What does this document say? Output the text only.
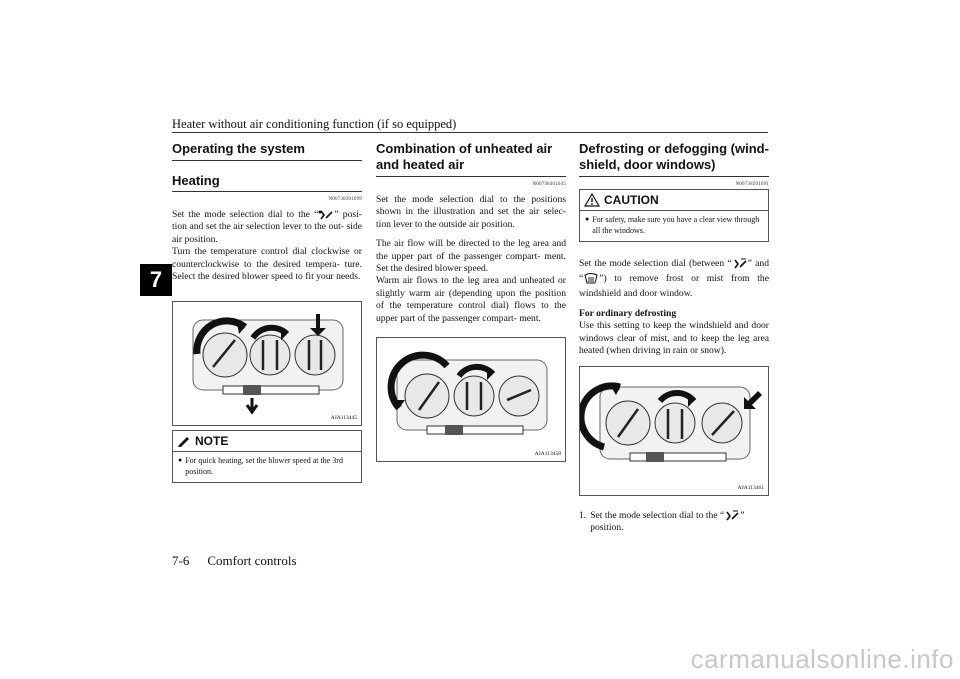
Heater without air conditioning function (if so equipped)
7
Operating the system
Heating
N00738301099

Set the mode selection dial to the “ ” posi- tion and set the air selection lever to the out- side air position.

Turn the temperature control dial clockwise or counterclockwise to the desired tempera- ture. Select the desired blower speed to fit your needs.

AJA113445
NOTE
● For quick heating, set the blower speed at the 3rd position.
Combination of unheated air and heated air
N00738401045

Set the mode selection dial to the positions shown in the illustration and set the air selec- tion lever to the outside air position.

The air flow will be directed to the leg area and the upper part of the passenger compart- ment. Set the desired blower speed.

Warm air flows to the leg area and unheated or slightly warm air (depending upon the position of the temperature control dial) flows to the upper part of the passenger compart- ment.

AJA113458
Defrosting or defogging (wind- shield, door windows)
N00738501091
CAUTION
● For safety, make sure you have a clear view through all the windows.

Set the mode selection dial (between “ ” and “ ”) to remove frost or mist from the windshield and door window.

For ordinary defrosting

Use this setting to keep the windshield and door windows clear of mist, and to keep the leg area heated (when driving in rain or snow).

AJA113461
1. Set the mode selection dial to the “ ” position.

7-6 Comfort controls
carmanualsonline.info
